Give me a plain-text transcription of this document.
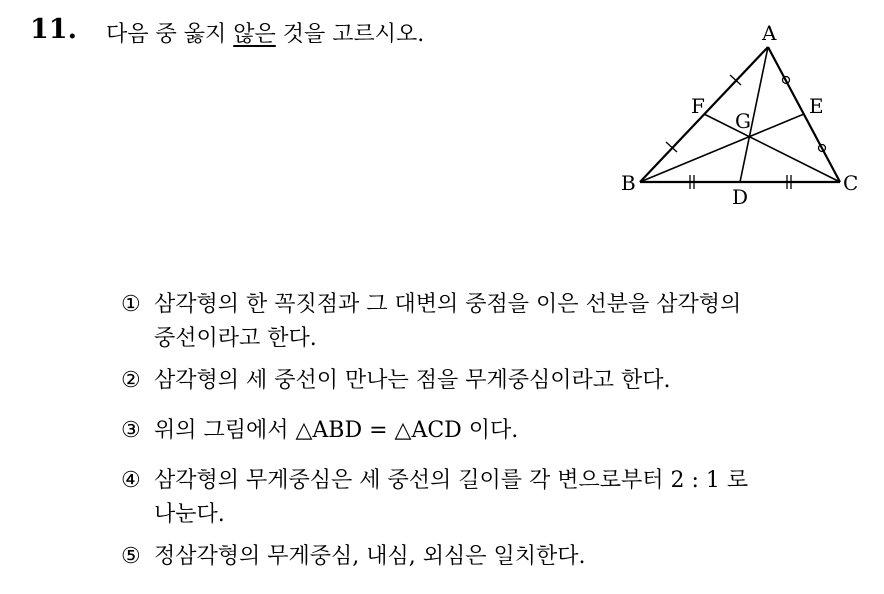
11. 다음 중 옳지 않은 것을 고르시오.	A
B	C
D
E
F
G
① 삼각형의 한 꼭짓점과 그 대변의 중점을 이은 선분을 삼각형의
중선이라고 한다.
② 삼각형의 세 중선이 만나는 점을 무게중심이라고 한다.
③ 위의 그림에서 △ABD = △ACD 이다.
④ 삼각형의 무게중심은 세 중선의 길이를 각 변으로부터 2 : 1 로
나눈다.
⑤ 정삼각형의 무게중심, 내심, 외심은 일치한다.
